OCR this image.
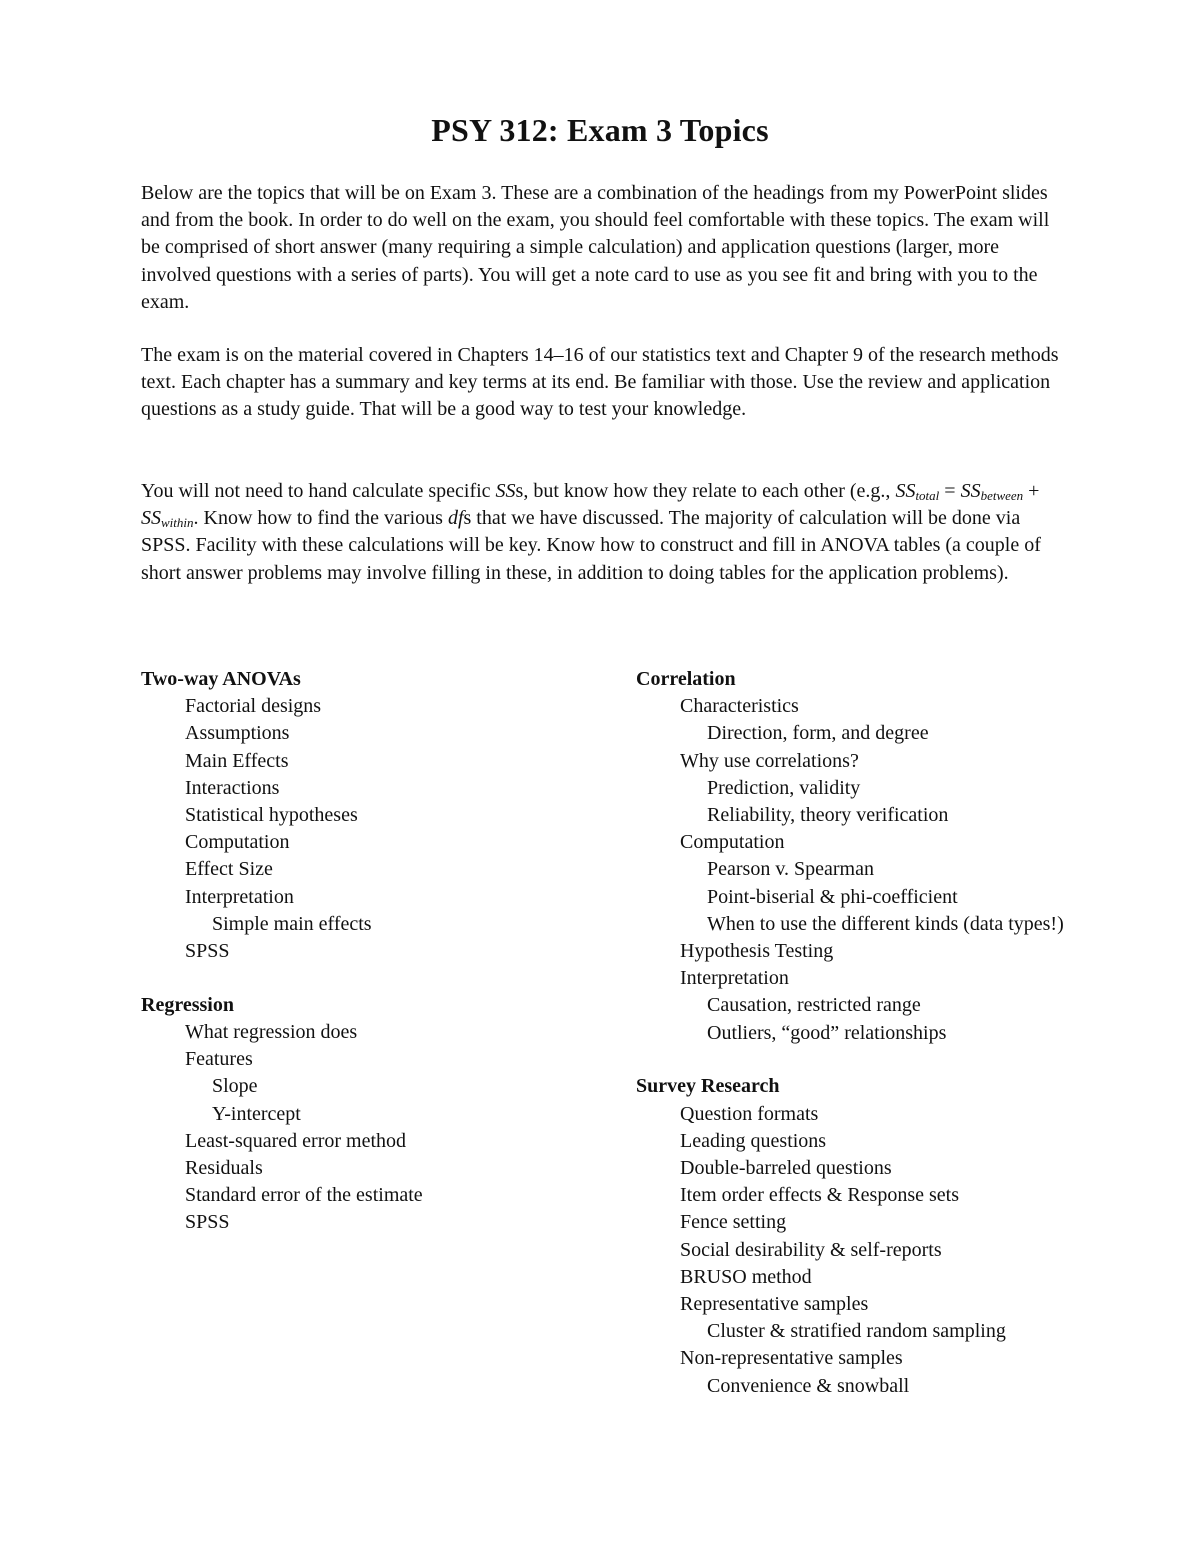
PSY 312: Exam 3 Topics

Below are the topics that will be on Exam 3. These are a combination of the headings from my PowerPoint slides and from the book. In order to do well on the exam, you should feel comfortable with these topics. The exam will be comprised of short answer (many requiring a simple calculation) and application questions (larger, more involved questions with a series of parts). You will get a note card to use as you see fit and bring with you to the exam.

The exam is on the material covered in Chapters 14–16 of our statistics text and Chapter 9 of the research methods text. Each chapter has a summary and key terms at its end. Be familiar with those. Use the review and application questions as a study guide. That will be a good way to test your knowledge.

You will not need to hand calculate specific SSs, but know how they relate to each other (e.g., $SS_{total} = SS_{between} + SS_{within}$. Know how to find the various dfs that we have discussed. The majority of calculation will be done via SPSS. Facility with these calculations will be key. Know how to construct and fill in ANOVA tables (a couple of short answer problems may involve filling in these, in addition to doing tables for the application problems).

Two-way ANOVAs

Factorial designs

Assumptions

Main Effects

Interactions

Statistical hypotheses

Computation

Effect Size

Interpretation

Simple main effects

SPSS

Regression

What regression does

Features

Slope

Y-intercept

Least-squared error method

Residuals

Standard error of the estimate

SPSS

Correlation

Characteristics

Direction, form, and degree

Why use correlations?

Prediction, validity

Reliability, theory verification

Computation

Pearson v. Spearman

Point-biserial & phi-coefficient

When to use the different kinds (data types!)

Hypothesis Testing

Interpretation

Causation, restricted range

Outliers, “good” relationships

Survey Research

Question formats

Leading questions

Double-barreled questions

Item order effects & Response sets

Fence setting

Social desirability & self-reports

BRUSO method

Representative samples

Cluster & stratified random sampling

Non-representative samples

Convenience & snowball
